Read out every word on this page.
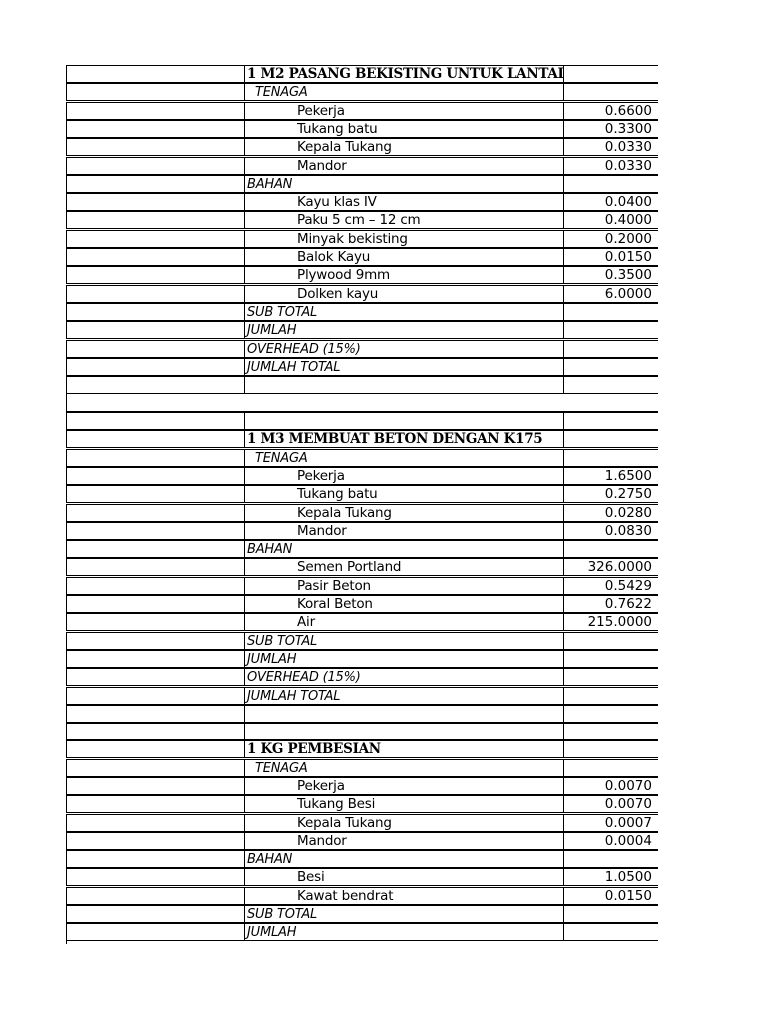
1 M2 PASANG BEKISTING UNTUK LANTAI
TENAGA
Pekerja	0.6600
Tukang batu	0.3300
Kepala Tukang	0.0330
Mandor	0.0330
BAHAN
Kayu klas IV	0.0400
Paku 5 cm – 12 cm	0.4000
Minyak bekisting	0.2000
Balok Kayu	0.0150
Plywood 9mm	0.3500
Dolken kayu	6.0000
SUB TOTAL
JUMLAH
OVERHEAD (15%)
JUMLAH TOTAL
1 M3 MEMBUAT BETON DENGAN K175
TENAGA
Pekerja	1.6500
Tukang batu	0.2750
Kepala Tukang	0.0280
Mandor	0.0830
BAHAN
Semen Portland	326.0000
Pasir Beton	0.5429
Koral Beton	0.7622
Air	215.0000
SUB TOTAL
JUMLAH
OVERHEAD (15%)
JUMLAH TOTAL
1 KG PEMBESIAN
TENAGA
Pekerja	0.0070
Tukang Besi	0.0070
Kepala Tukang	0.0007
Mandor	0.0004
BAHAN
Besi	1.0500
Kawat bendrat	0.0150
SUB TOTAL
JUMLAH
